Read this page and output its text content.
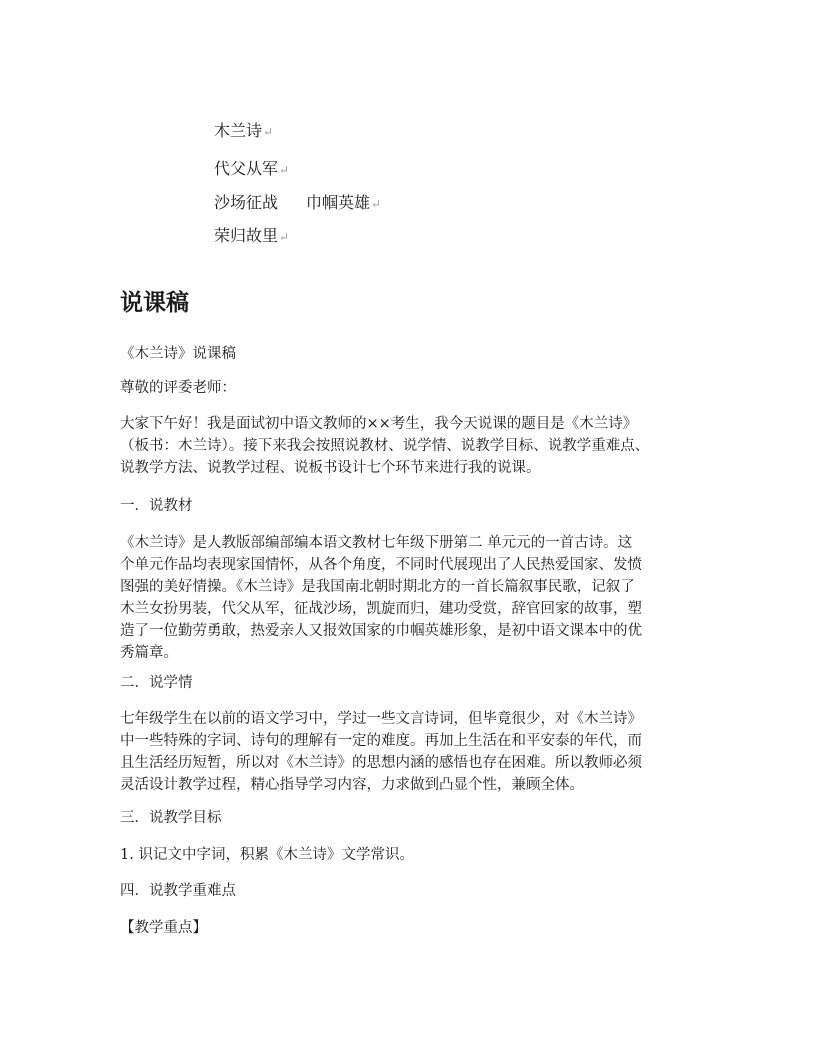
木兰诗↵
代父从军↵
沙场征战 巾帼英雄↵
荣归故里↵
说课稿

《木兰诗》说课稿

尊敬的评委老师：

大家下午好！我是面试初中语文教师的××考生，我今天说课的题目是《木兰诗》
（板书：木兰诗）。接下来我会按照说教材、说学情、说教学目标、说教学重难点、
说教学方法、说教学过程、说板书设计七个环节来进行我的说课。

一．说教材

《木兰诗》是人教版部编部编本语文教材七年级下册第二 单元元的一首古诗。这
个单元作品均表现家国情怀，从各个角度，不同时代展现出了人民热爱国家、发愤
图强的美好情操。《木兰诗》是我国南北朝时期北方的一首长篇叙事民歌，记叙了
木兰女扮男装，代父从军，征战沙场，凯旋而归，建功受赏，辞官回家的故事，塑
造了一位勤劳勇敢，热爱亲人又报效国家的巾帼英雄形象，是初中语文课本中的优
秀篇章。

二．说学情

七年级学生在以前的语文学习中，学过一些文言诗词，但毕竟很少，对《木兰诗》
中一些特殊的字词、诗句的理解有一定的难度。再加上生活在和平安泰的年代，而
且生活经历短暂，所以对《木兰诗》的思想内涵的感悟也存在困难。所以教师必须
灵活设计教学过程，精心指导学习内容，力求做到凸显个性，兼顾全体。

三．说教学目标

1. 识记文中字词，积累《木兰诗》文学常识。

四．说教学重难点

【教学重点】
